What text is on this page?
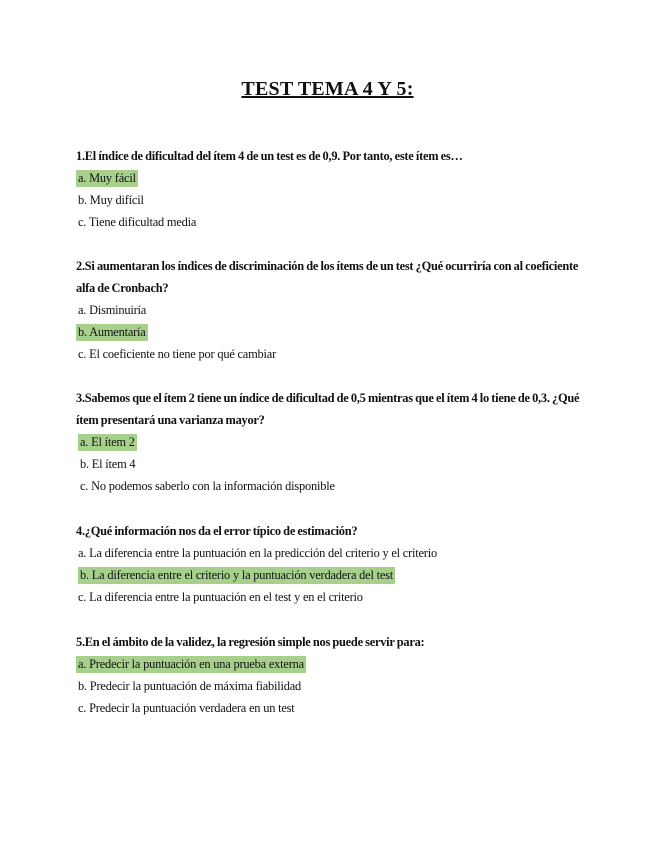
TEST TEMA 4 Y 5:
1.El índice de dificultad del ítem 4 de un test es de 0,9. Por tanto, este ítem es…
a. Muy fácil
b. Muy difícil
c. Tiene dificultad media
2.Si aumentaran los índices de discriminación de los ítems de un test ¿Qué ocurriría con al coeficiente alfa de Cronbach?
a. Disminuiría
b. Aumentaría
c. El coeficiente no tiene por qué cambiar
3.Sabemos que el ítem 2 tiene un índice de dificultad de 0,5 mientras que el ítem 4 lo tiene de 0,3. ¿Qué ítem presentará una varianza mayor?
a. El ítem 2
b. El ítem 4
c. No podemos saberlo con la información disponible
4.¿Qué información nos da el error típico de estimación?
a. La diferencia entre la puntuación en la predicción del criterio y el criterio
b. La diferencia entre el criterio y la puntuación verdadera del test
c. La diferencia entre la puntuación en el test y en el criterio
5.En el ámbito de la validez, la regresión simple nos puede servir para:
a. Predecir la puntuación en una prueba externa
b. Predecir la puntuación de máxima fiabilidad
c. Predecir la puntuación verdadera en un test
